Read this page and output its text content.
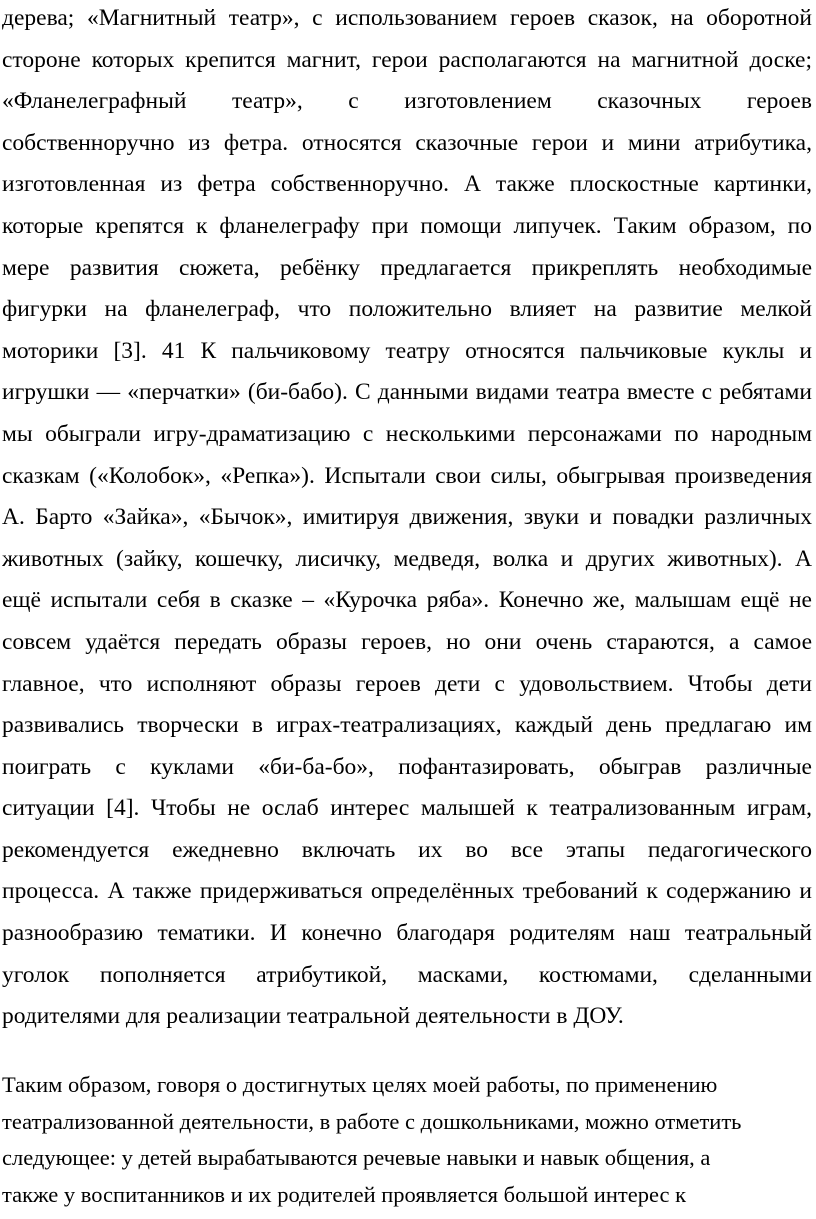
дерева; «Магнитный театр», с использованием героев сказок, на оборотной
стороне которых крепится магнит, герои располагаются на магнитной доске;
«Фланелеграфный театр», с изготовлением сказочных героев
собственноручно из фетра. относятся сказочные герои и мини атрибутика,
изготовленная из фетра собственноручно. А также плоскостные картинки,
которые крепятся к фланелеграфу при помощи липучек. Таким образом, по
мере развития сюжета, ребёнку предлагается прикреплять необходимые
фигурки на фланелеграф, что положительно влияет на развитие мелкой
моторики [3]. 41 К пальчиковому театру относятся пальчиковые куклы и
игрушки — «перчатки» (би-бабо). С данными видами театра вместе с ребятами
мы обыграли игру-драматизацию с несколькими персонажами по народным
сказкам («Колобок», «Репка»). Испытали свои силы, обыгрывая произведения
А. Барто «Зайка», «Бычок», имитируя движения, звуки и повадки различных
животных (зайку, кошечку, лисичку, медведя, волка и других животных). А
ещё испытали себя в сказке – «Курочка ряба». Конечно же, малышам ещё не
совсем удаётся передать образы героев, но они очень стараются, а самое
главное, что исполняют образы героев дети с удовольствием. Чтобы дети
развивались творчески в играх-театрализациях, каждый день предлагаю им
поиграть с куклами «би-ба-бо», пофантазировать, обыграв различные
ситуации [4]. Чтобы не ослаб интерес малышей к театрализованным играм,
рекомендуется ежедневно включать их во все этапы педагогического
процесса. А также придерживаться определённых требований к содержанию и
разнообразию тематики. И конечно благодаря родителям наш театральный
уголок пополняется атрибутикой, масками, костюмами, сделанными
родителями для реализации театральной деятельности в ДОУ.
Таким образом, говоря о достигнутых целях моей работы, по применению
театрализованной деятельности, в работе с дошкольниками, можно отметить
следующее: у детей вырабатываются речевые навыки и навык общения, а
также у воспитанников и их родителей проявляется большой интерес к
